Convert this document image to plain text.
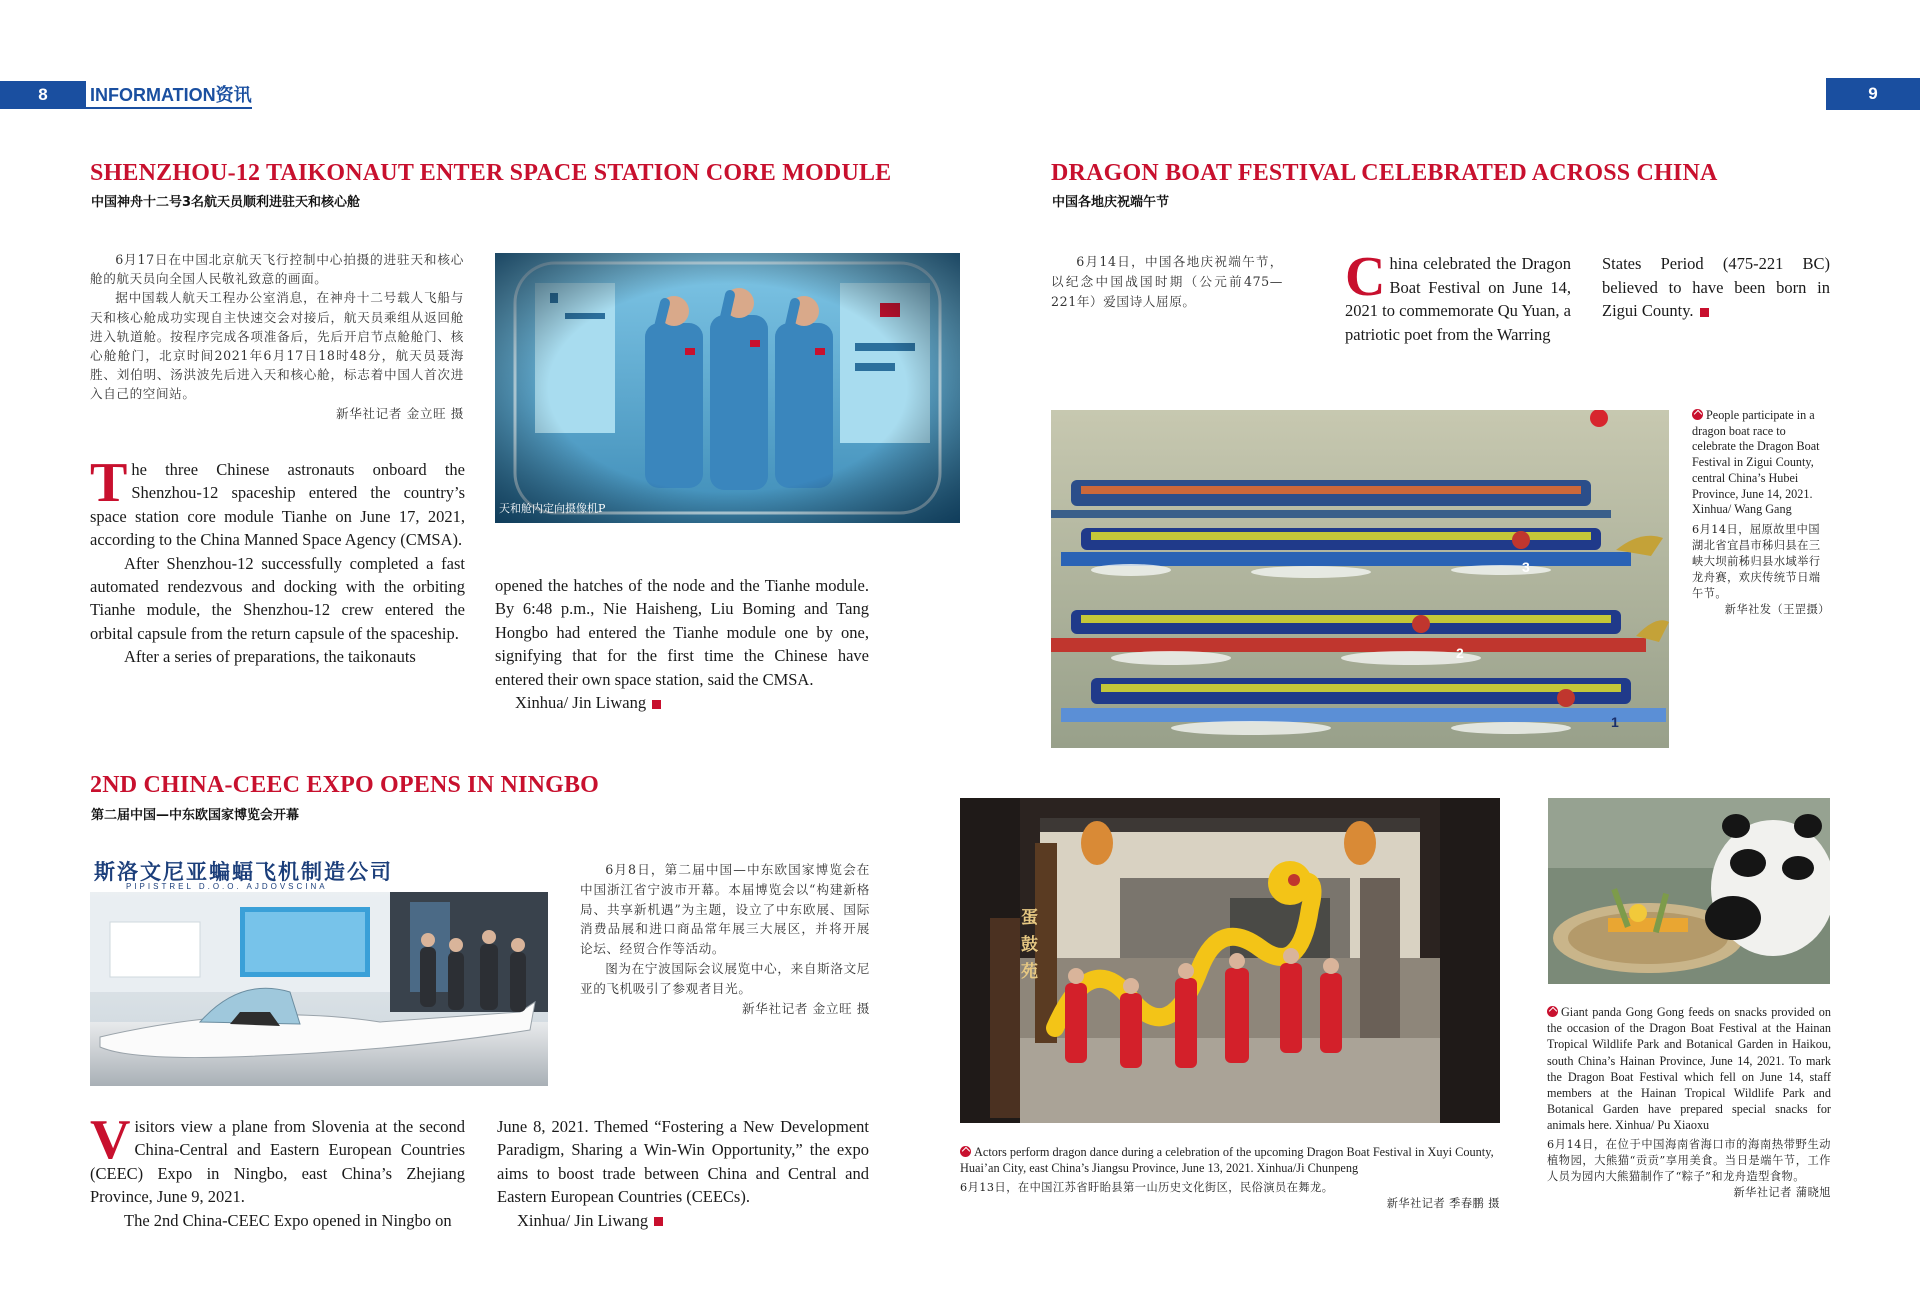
8	INFORMATION资讯	9
SHENZHOU-12 TAIKONAUT ENTER SPACE STATION CORE MODULE
中国神舟十二号3名航天员顺利进驻天和核心舱

6月17日在中国北京航天飞行控制中心拍摄的进驻天和核心舱的航天员向全国人民敬礼致意的画面。

据中国载人航天工程办公室消息，在神舟十二号载人飞船与天和核心舱成功实现自主快速交会对接后，航天员乘组从返回舱进入轨道舱。按程序完成各项准备后，先后开启节点舱舱门、核心舱舱门，北京时间2021年6月17日18时48分，航天员聂海胜、刘伯明、汤洪波先后进入天和核心舱，标志着中国人首次进入自己的空间站。

新华社记者 金立旺 摄

天和舱内定向摄像机P

The three Chinese astronauts onboard the Shenzhou-12 spaceship entered the country’s space station core module Tianhe on June 17, 2021, according to the China Manned Space Agency (CMSA).

After Shenzhou-12 successfully completed a fast automated rendezvous and docking with the orbiting Tianhe module, the Shenzhou-12 crew entered the orbital capsule from the return capsule of the spaceship.

After a series of preparations, the taikonauts

opened the hatches of the node and the Tianhe module. By 6:48 p.m., Nie Haisheng, Liu Boming and Tang Hongbo had entered the Tianhe module one by one, signifying that for the first time the Chinese have entered their own space station, said the CMSA.

Xinhua/ Jin Liwang

2ND CHINA-CEEC EXPO OPENS IN NINGBO
第二届中国—中东欧国家博览会开幕
斯洛文尼亚蝙蝠飞机制造公司
PIPISTREL D.O.O. AJDOVSCINA

6月8日，第二届中国—中东欧国家博览会在中国浙江省宁波市开幕。本届博览会以“构建新格局、共享新机遇”为主题，设立了中东欧展、国际消费品展和进口商品常年展三大展区，并将开展论坛、经贸合作等活动。

图为在宁波国际会议展览中心，来自斯洛文尼亚的飞机吸引了参观者目光。

新华社记者 金立旺 摄

Visitors view a plane from Slovenia at the second China-Central and Eastern European Countries (CEEC) Expo in Ningbo, east China’s Zhejiang Province, June 9, 2021.

The 2nd China-CEEC Expo opened in Ningbo on

June 8, 2021. Themed “Fostering a New Development Paradigm, Sharing a Win-Win Opportunity,” the expo aims to boost trade between China and Central and Eastern European Countries (CEECs).

Xinhua/ Jin Liwang

DRAGON BOAT FESTIVAL CELEBRATED ACROSS CHINA
中国各地庆祝端午节

6月14日，中国各地庆祝端午节，以纪念中国战国时期（公元前475—221年）爱国诗人屈原。	China celebrated the Dragon Boat Festival on June 14, 2021 to commemorate Qu Yuan, a patriotic poet from the Warring

States Period (475-221 BC) believed to have been born in Zigui County.

3
2
1
People participate in a dragon boat race to celebrate the Dragon Boat Festival in Zigui County, central China’s Hubei Province, June 14, 2021. Xinhua/ Wang Gang
6月14日，屈原故里中国湖北省宜昌市秭归县在三峡大坝前秭归县水域举行龙舟赛，欢庆传统节日端午节。
新华社发（王罡摄）
蛋鼓苑
Actors perform dragon dance during a celebration of the upcoming Dragon Boat Festival in Xuyi County, Huai’an City, east China’s Jiangsu Province, June 13, 2021. Xinhua/Ji Chunpeng
6月13日，在中国江苏省盱眙县第一山历史文化街区，民俗演员在舞龙。
新华社记者 季春鹏 摄
Giant panda Gong Gong feeds on snacks provided on the occasion of the Dragon Boat Festival at the Hainan Tropical Wildlife Park and Botanical Garden in Haikou, south China’s Hainan Province, June 14, 2021. To mark the Dragon Boat Festival which fell on June 14, staff members at the Hainan Tropical Wildlife Park and Botanical Garden have prepared special snacks for animals here. Xinhua/ Pu Xiaoxu
6月14日，在位于中国海南省海口市的海南热带野生动植物园，大熊猫“贡贡”享用美食。当日是端午节，工作人员为园内大熊猫制作了“粽子”和龙舟造型食物。
新华社记者 蒲晓旭
